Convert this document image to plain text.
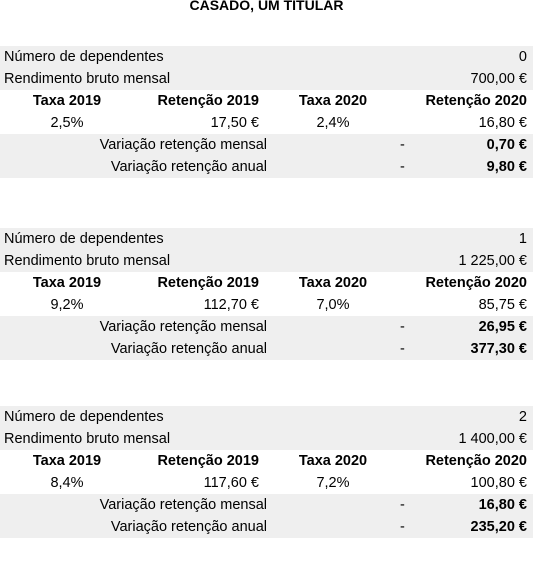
CASADO, UM TITULAR
Número de dependentes	0
Rendimento bruto mensal	700,00 €
Taxa 2019	Retenção 2019	Taxa 2020	Retenção 2020
2,5%	17,50 €	2,4%	16,80 €
Variação retenção mensal	-	0,70 €
Variação retenção anual	-	9,80 €
Número de dependentes	1
Rendimento bruto mensal	1 225,00 €
Taxa 2019	Retenção 2019	Taxa 2020	Retenção 2020
9,2%	112,70 €	7,0%	85,75 €
Variação retenção mensal	-	26,95 €
Variação retenção anual	-	377,30 €
Número de dependentes	2
Rendimento bruto mensal	1 400,00 €
Taxa 2019	Retenção 2019	Taxa 2020	Retenção 2020
8,4%	117,60 €	7,2%	100,80 €
Variação retenção mensal	-	16,80 €
Variação retenção anual	-	235,20 €
